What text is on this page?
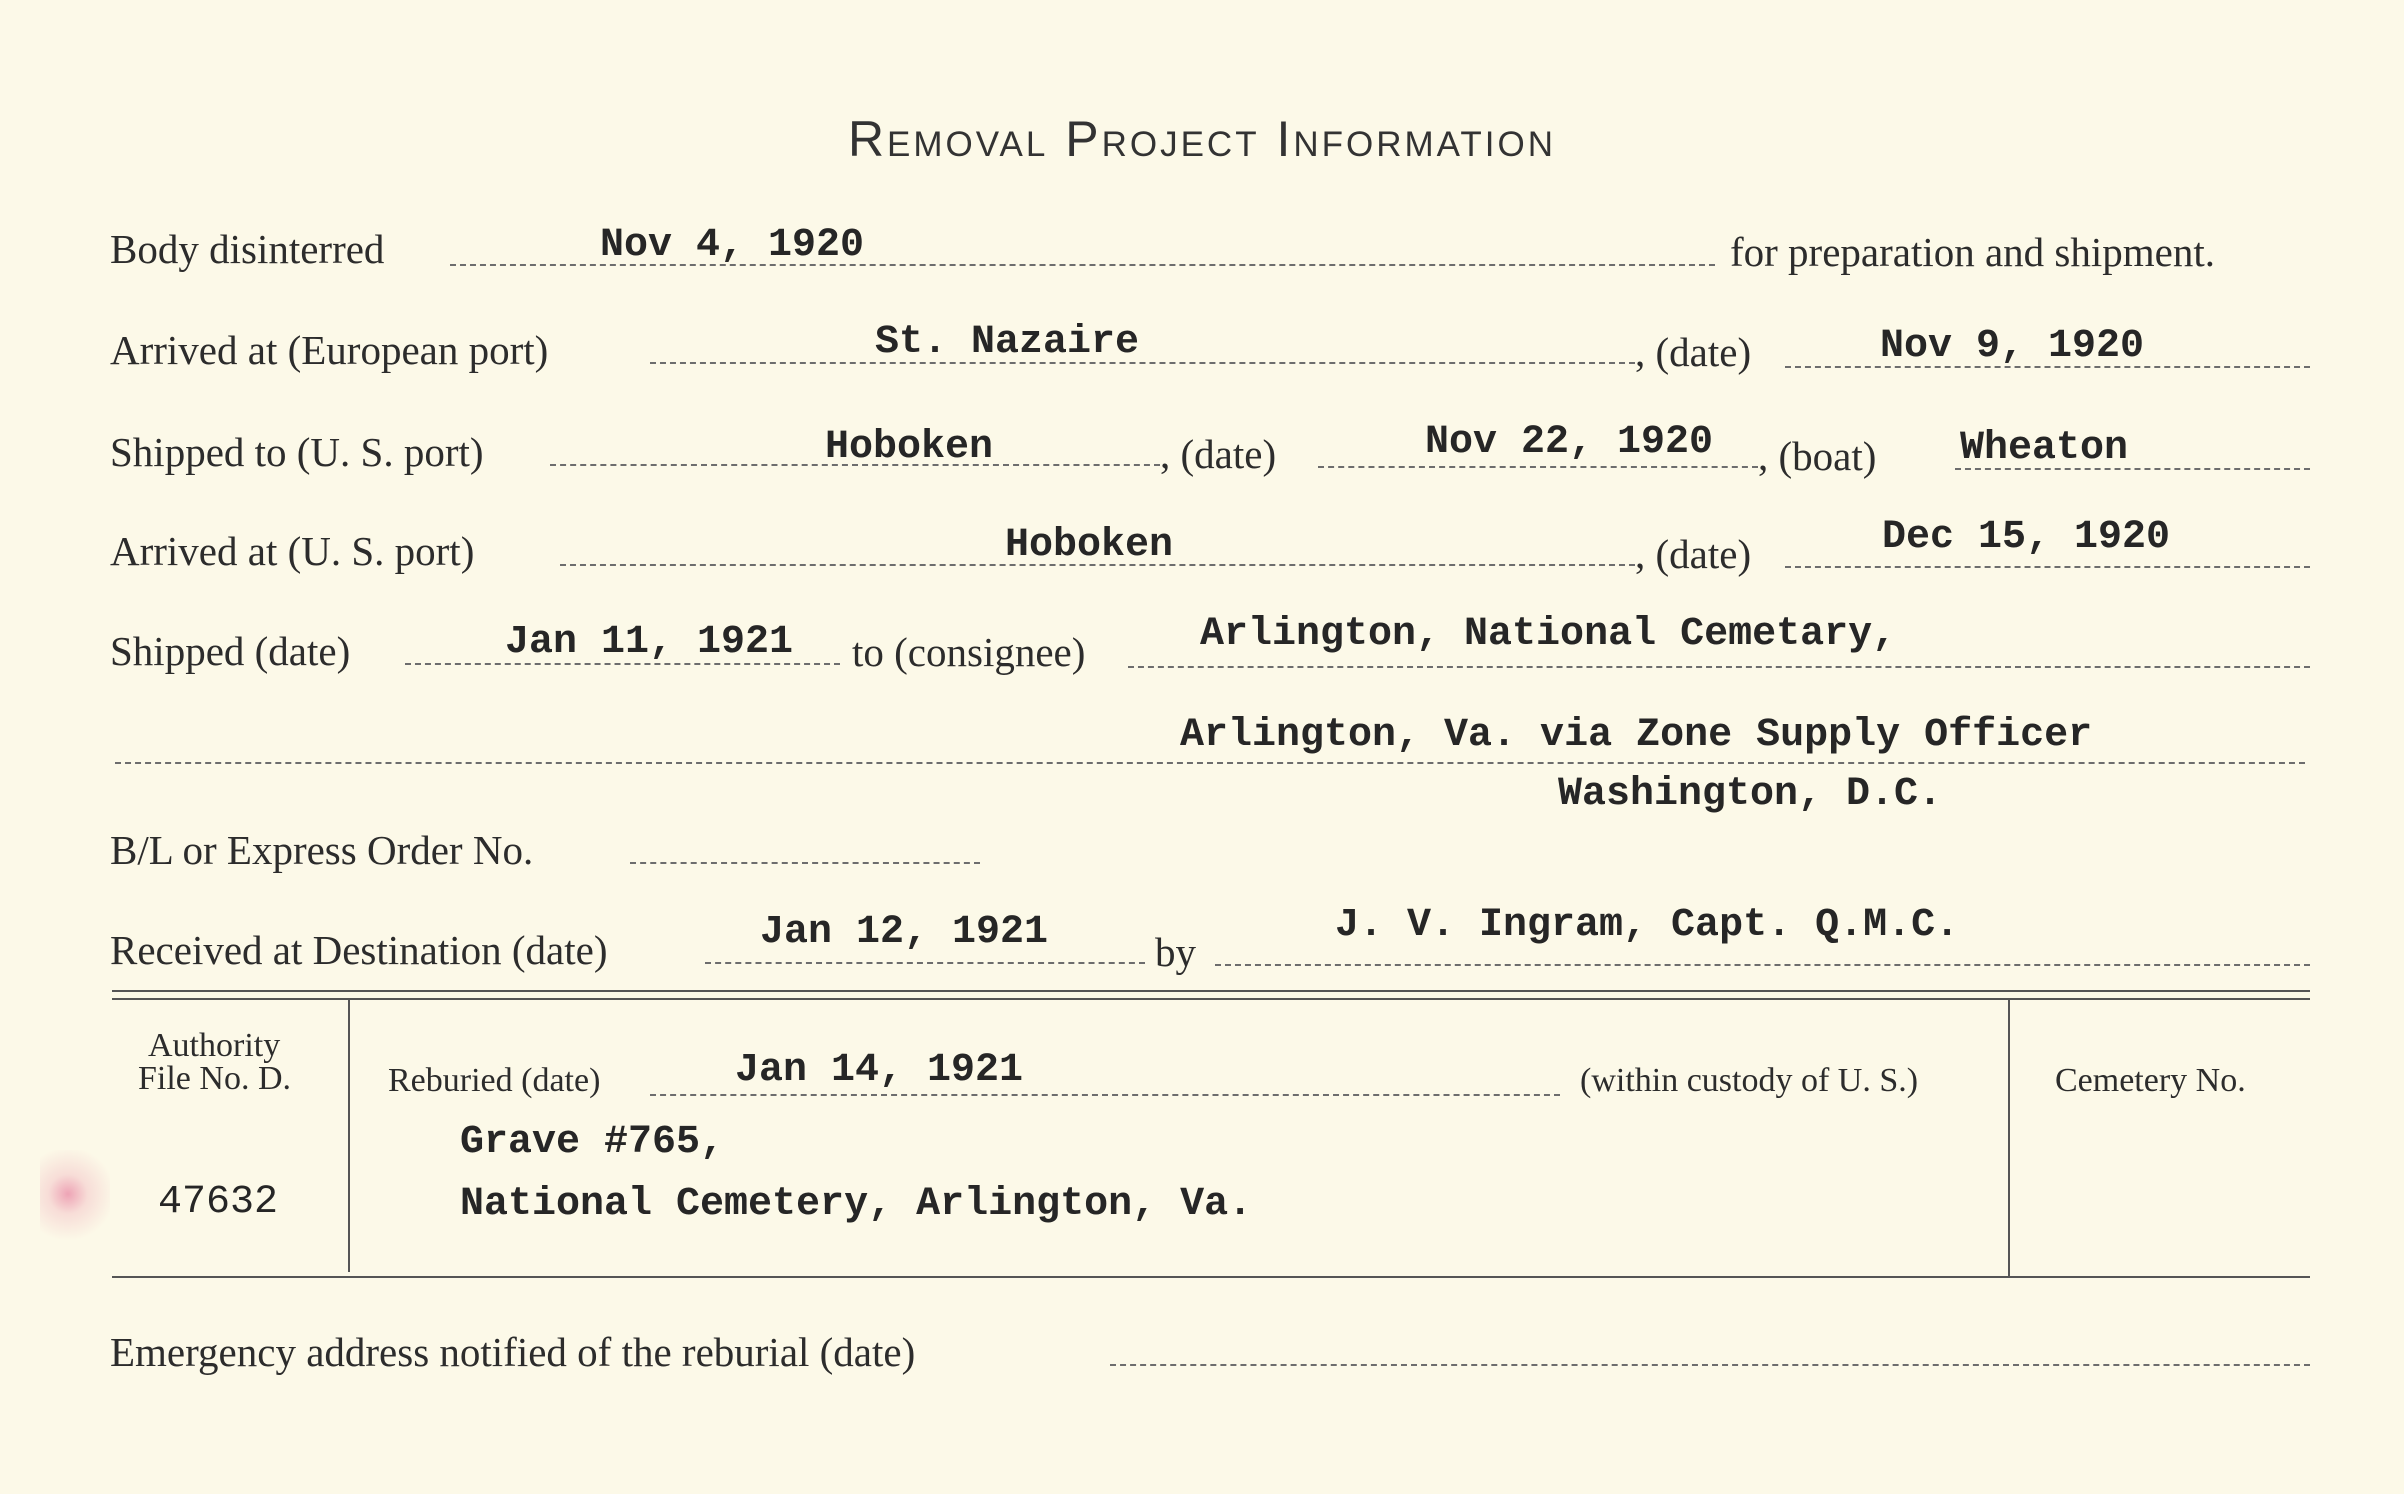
Removal Project Information
Body disinterred	Nov 4, 1920	for preparation and shipment.
Arrived at (European port)	St. Nazaire	, (date)	Nov 9, 1920
Shipped to (U. S. port)	Hoboken	, (date)	Nov 22, 1920 , (boat) Wheaton
Arrived at (U. S. port)	Hoboken	, (date)	Dec 15, 1920
Shipped (date)	Jan 11, 1921 to (consignee)	Arlington, National Cemetary,
Arlington, Va. via Zone Supply Officer
Washington, D.C.
B/L or Express Order No.
Received at Destination (date)	Jan 12, 1921	by
J. V. Ingram, Capt. Q.M.C.
Authority
File No. D.
47632
Reburied (date)	Jan 14, 1921	(within custody of U. S.)
Grave #765,
National Cemetery, Arlington, Va.
Cemetery No.
Emergency address notified of the reburial (date)
